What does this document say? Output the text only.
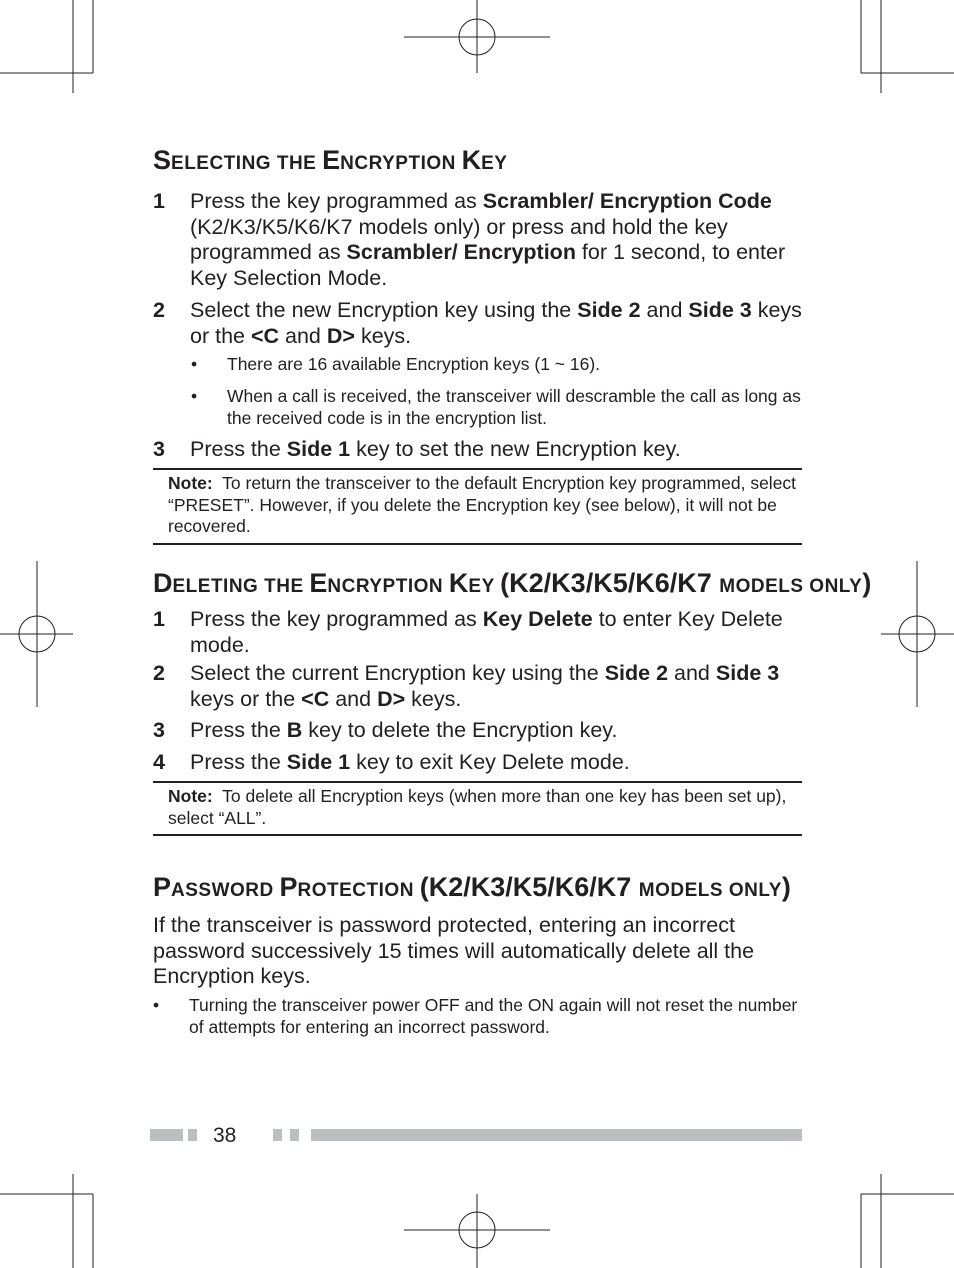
SELECTING THE ENCRYPTION KEY
1 Press the key programmed as Scrambler/ Encryption Code (K2/K3/K5/K6/K7 models only) or press and hold the key programmed as Scrambler/ Encryption for 1 second, to enter Key Selection Mode.
2 Select the new Encryption key using the Side 2 and Side 3 keys or the <C and D> keys.
• There are 16 available Encryption keys (1 ~ 16).
• When a call is received, the transceiver will descramble the call as long as the received code is in the encryption list.
3 Press the Side 1 key to set the new Encryption key.
Note: To return the transceiver to the default Encryption key programmed, select “PRESET”. However, if you delete the Encryption key (see below), it will not be recovered.
DELETING THE ENCRYPTION KEY (K2/K3/K5/K6/K7 MODELS ONLY)
1 Press the key programmed as Key Delete to enter Key Delete mode.
2 Select the current Encryption key using the Side 2 and Side 3 keys or the <C and D> keys.
3 Press the B key to delete the Encryption key.
4 Press the Side 1 key to exit Key Delete mode.
Note: To delete all Encryption keys (when more than one key has been set up), select “ALL”.
PASSWORD PROTECTION (K2/K3/K5/K6/K7 MODELS ONLY)
If the transceiver is password protected, entering an incorrect password successively 15 times will automatically delete all the Encryption keys.
• Turning the transceiver power OFF and the ON again will not reset the number of attempts for entering an incorrect password.
38
